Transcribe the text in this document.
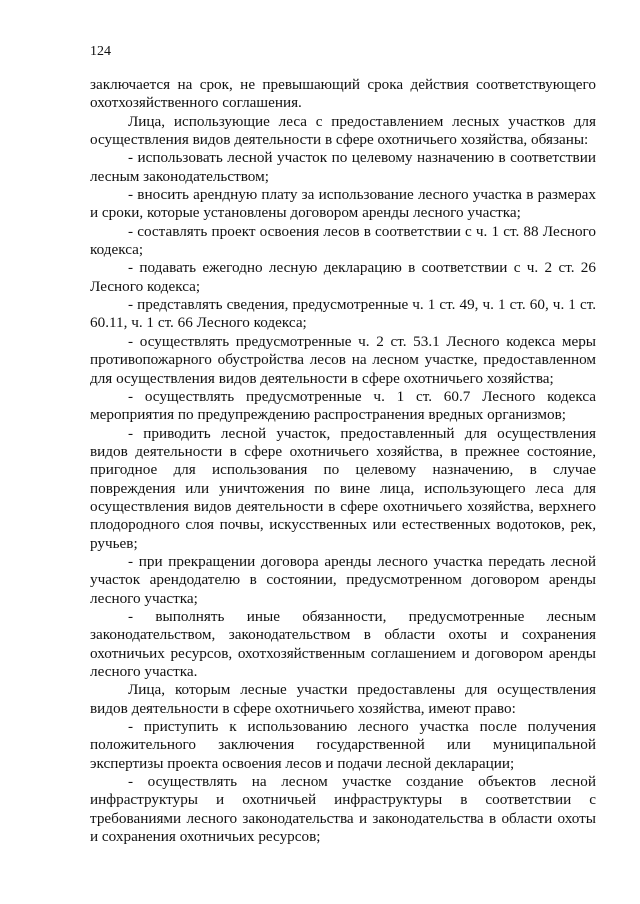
124

заключается на срок, не превышающий срока действия соответствующего охотхозяйственного соглашения.

Лица, использующие леса с предоставлением лесных участков для осуществления видов деятельности в сфере охотничьего хозяйства, обязаны:

- использовать лесной участок по целевому назначению в соответствии лесным законодательством;

- вносить арендную плату за использование лесного участка в размерах и сроки, которые установлены договором аренды лесного участка;

- составлять проект освоения лесов в соответствии с ч. 1 ст. 88 Лесного кодекса;

- подавать ежегодно лесную декларацию в соответствии с ч. 2 ст. 26 Лесного кодекса;

- представлять сведения, предусмотренные ч. 1 ст. 49, ч. 1 ст. 60, ч. 1 ст. 60.11, ч. 1 ст. 66 Лесного кодекса;

- осуществлять предусмотренные ч. 2 ст. 53.1 Лесного кодекса меры противопожарного обустройства лесов на лесном участке, предоставленном для осуществления видов деятельности в сфере охотничьего хозяйства;

- осуществлять предусмотренные ч. 1 ст. 60.7 Лесного кодекса мероприятия по предупреждению распространения вредных организмов;

- приводить лесной участок, предоставленный для осуществления видов деятельности в сфере охотничьего хозяйства, в прежнее состояние, пригодное для использования по целевому назначению, в случае повреждения или уничтожения по вине лица, использующего леса для осуществления видов деятельности в сфере охотничьего хозяйства, верхнего плодородного слоя почвы, искусственных или естественных водотоков, рек, ручьев;

- при прекращении договора аренды лесного участка передать лесной участок арендодателю в состоянии, предусмотренном договором аренды лесного участка;

- выполнять иные обязанности, предусмотренные лесным законодательством, законодательством в области охоты и сохранения охотничьих ресурсов, охотхозяйственным соглашением и договором аренды лесного участка.

Лица, которым лесные участки предоставлены для осуществления видов деятельности в сфере охотничьего хозяйства, имеют право:

- приступить к использованию лесного участка после получения положительного заключения государственной или муниципальной экспертизы проекта освоения лесов и подачи лесной декларации;

- осуществлять на лесном участке создание объектов лесной инфраструктуры и охотничьей инфраструктуры в соответствии с требованиями лесного законодательства и законодательства в области охоты и сохранения охотничьих ресурсов;
